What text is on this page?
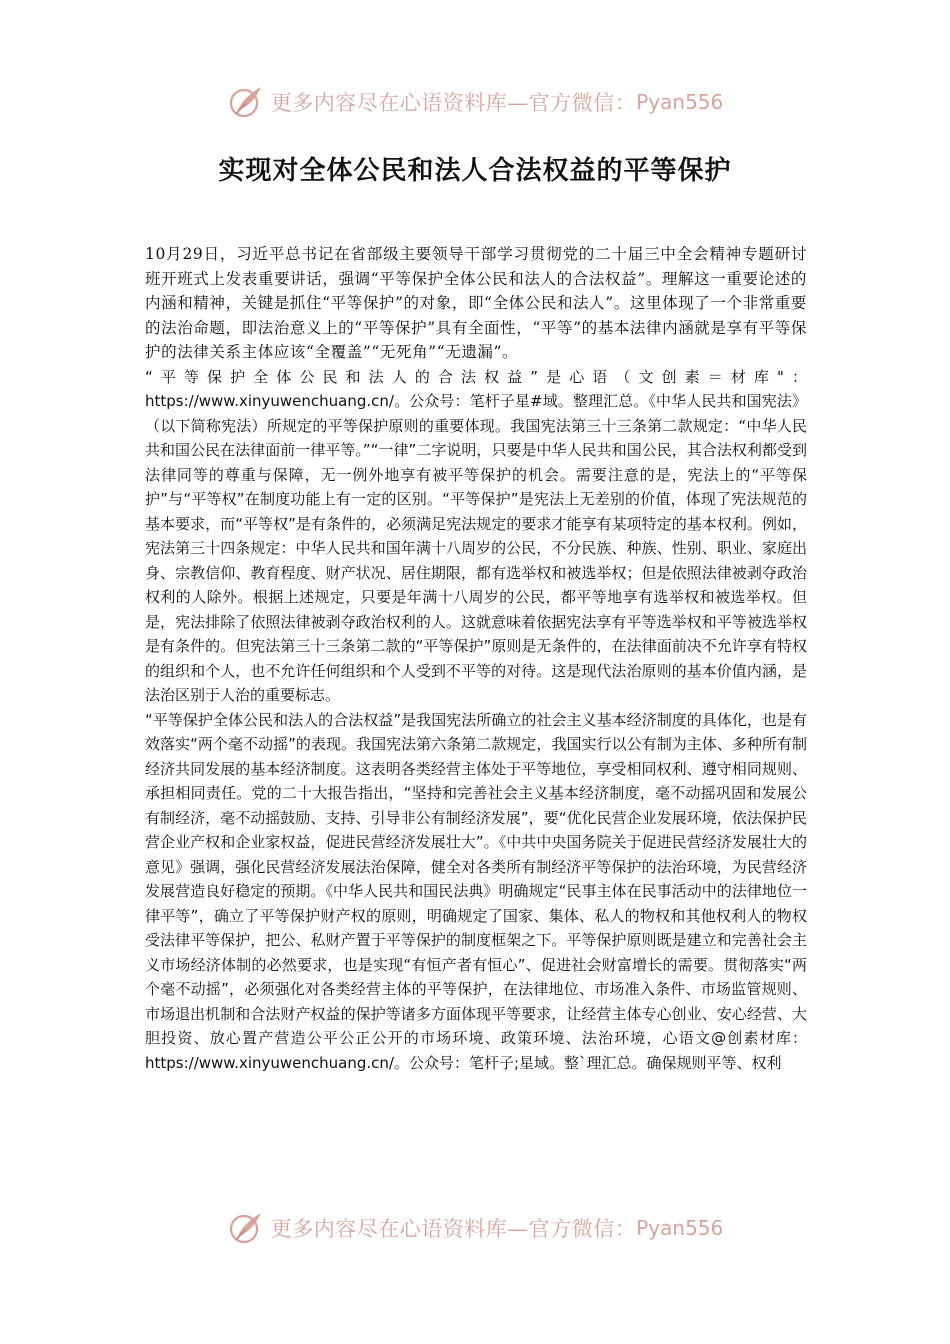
更多内容尽在心语资料库—官方微信： Pyan556
实现对全体公民和法人合法权益的平等保护

10月29日，习近平总书记在省部级主要领导干部学习贯彻党的二十届三中全会精神专题研讨班开班式上发表重要讲话，强调“平等保护全体公民和法人的合法权益”。理解这一重要论述的内涵和精神，关键是抓住“平等保护”的对象，即“全体公民和法人”。这里体现了一个非常重要的法治命题，即法治意义上的“平等保护”具有全面性，“平等”的基本法律内涵就是享有平等保护的法律关系主体应该“全覆盖”“无死角”“无遗漏”。

“平等保护全体公民和法人的合法权益”是心语（文创素＝材库"：https://www.xinyuwenchuang.cn/。公众号：笔杆子星#域。整理汇总。《中华人民共和国宪法》（以下简称宪法）所规定的平等保护原则的重要体现。我国宪法第三十三条第二款规定：“中华人民共和国公民在法律面前一律平等。”“一律”二字说明，只要是中华人民共和国公民，其合法权利都受到法律同等的尊重与保障，无一例外地享有被平等保护的机会。需要注意的是，宪法上的“平等保护”与“平等权”在制度功能上有一定的区别。“平等保护”是宪法上无差别的价值，体现了宪法规范的基本要求，而“平等权”是有条件的，必须满足宪法规定的要求才能享有某项特定的基本权利。例如，宪法第三十四条规定：中华人民共和国年满十八周岁的公民，不分民族、种族、性别、职业、家庭出身、宗教信仰、教育程度、财产状况、居住期限，都有选举权和被选举权；但是依照法律被剥夺政治权利的人除外。根据上述规定，只要是年满十八周岁的公民，都平等地享有选举权和被选举权。但是，宪法排除了依照法律被剥夺政治权利的人。这就意味着依据宪法享有平等选举权和平等被选举权是有条件的。但宪法第三十三条第二款的“平等保护”原则是无条件的，在法律面前决不允许享有特权的组织和个人，也不允许任何组织和个人受到不平等的对待。这是现代法治原则的基本价值内涵，是法治区别于人治的重要标志。

“平等保护全体公民和法人的合法权益”是我国宪法所确立的社会主义基本经济制度的具体化，也是有效落实“两个毫不动摇”的表现。我国宪法第六条第二款规定，我国实行以公有制为主体、多种所有制经济共同发展的基本经济制度。这表明各类经营主体处于平等地位，享受相同权利、遵守相同规则、承担相同责任。党的二十大报告指出，“坚持和完善社会主义基本经济制度，毫不动摇巩固和发展公有制经济，毫不动摇鼓励、支持、引导非公有制经济发展”，要“优化民营企业发展环境，依法保护民营企业产权和企业家权益，促进民营经济发展壮大”。《中共中央国务院关于促进民营经济发展壮大的意见》强调，强化民营经济发展法治保障，健全对各类所有制经济平等保护的法治环境，为民营经济发展营造良好稳定的预期。《中华人民共和国民法典》明确规定“民事主体在民事活动中的法律地位一律平等”，确立了平等保护财产权的原则，明确规定了国家、集体、私人的物权和其他权利人的物权受法律平等保护，把公、私财产置于平等保护的制度框架之下。平等保护原则既是建立和完善社会主义市场经济体制的必然要求，也是实现“有恒产者有恒心”、促进社会财富增长的需要。贯彻落实“两个毫不动摇”，必须强化对各类经营主体的平等保护，在法律地位、市场准入条件、市场监管规则、市场退出机制和合法财产权益的保护等诸多方面体现平等要求，让经营主体专心创业、安心经营、大胆投资、放心置产营造公平公正公开的市场环境、政策环境、法治环境，心语文@创素材库：https://www.xinyuwenchuang.cn/。公众号：笔杆子;星域。整`理汇总。确保规则平等、权利

更多内容尽在心语资料库—官方微信： Pyan556
